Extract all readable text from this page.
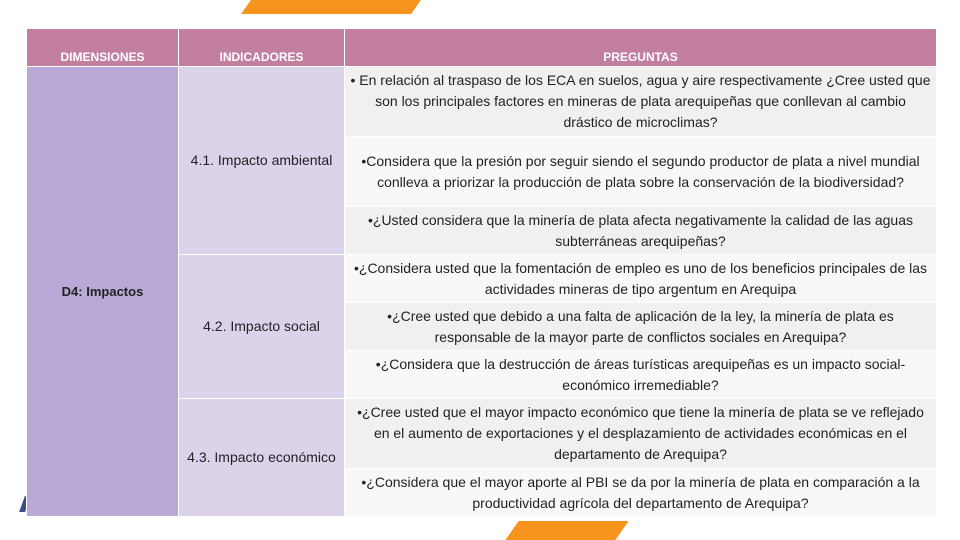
DIMENSIONES	INDICADORES	PREGUNTAS
D4: Impactos	4.1. Impacto ambiental	• En relación al traspaso de los ECA en suelos, agua y aire respectivamente ¿Cree usted que son los principales factores en mineras de plata arequipeñas que conllevan al cambio drástico de microclimas?
		•Considera que la presión por seguir siendo el segundo productor de plata a nivel mundial conlleva a priorizar la producción de plata sobre la conservación de la biodiversidad?
		•¿Usted considera que la minería de plata afecta negativamente la calidad de las aguas subterráneas arequipeñas?
	4.2. Impacto social	•¿Considera usted que la fomentación de empleo es uno de los beneficios principales de las actividades mineras de tipo argentum en Arequipa
		•¿Cree usted que debido a una falta de aplicación de la ley, la minería de plata es responsable de la mayor parte de conflictos sociales en Arequipa?
		•¿Considera que la destrucción de áreas turísticas arequipeñas es un impacto social-económico irremediable?
	4.3. Impacto económico	•¿Cree usted que el mayor impacto económico que tiene la minería de plata se ve reflejado en el aumento de exportaciones y el desplazamiento de actividades económicas en el departamento de Arequipa?
		•¿Considera que el mayor aporte al PBI se da por la minería de plata en comparación a la productividad agrícola del departamento de Arequipa?
